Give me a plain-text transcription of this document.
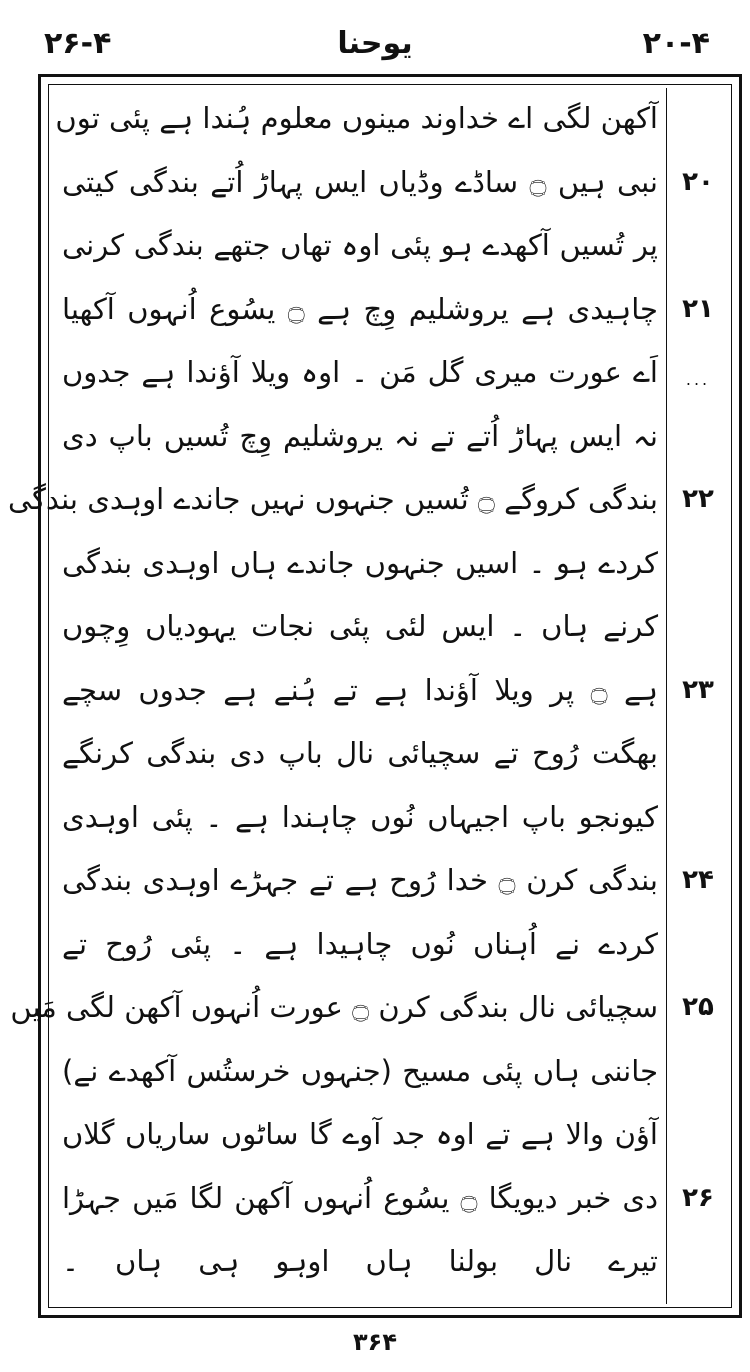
۲۶-۴	یوحنا	۲۰-۴
آکھن لگی اے خداوند مینوں معلوم ہُندا ہے پئی توں
نبی ہیں ۝ ساڈے وڈیاں ایس پہاڑ اُتے بندگی کیتی
پر تُسیں آکھدے ہو پئی اوہ تھاں جتھے بندگی کرنی
چاہیدی ہے یروشلیم وِچ ہے ۝ یسُوع اُنہوں آکھیا
اَے عورت میری گل مَن ۔ اوہ ویلا آؤندا ہے جدوں
نہ ایس پہاڑ اُتے تے نہ یروشلیم وِچ تُسیں باپ دی
بندگی کروگے ۝ تُسیں جنہوں نہیں جاندے اوہدی بندگی
کردے ہو ۔ اسیں جنہوں جاندے ہاں اوہدی بندگی
کرنے ہاں ۔ ایس لئی پئی نجات یہودیاں وِچوں
ہے ۝ پر ویلا آؤندا ہے تے ہُنے ہے جدوں سچے
بھگت رُوح تے سچیائی نال باپ دی بندگی کرنگے
کیونجو باپ اجیہاں نُوں چاہندا ہے ۔ پئی اوہدی
بندگی کرن ۝ خدا رُوح ہے تے جہڑے اوہدی بندگی
کردے نے اُہناں نُوں چاہیدا ہے ۔ پئی رُوح تے
سچیائی نال بندگی کرن ۝ عورت اُنہوں آکھن لگی مَیں
جاننی ہاں پئی مسیح (جنہوں خرستُس آکھدے نے)
آؤن والا ہے تے اوہ جد آوے گا ساٹوں ساریاں گلاں
دی خبر دیویگا ۝ یسُوع اُنہوں آکھن لگا مَیں جہڑا
تیرے نال بولنا ہاں اوہو ہی ہاں ۔
...
۲۰
۲۱
۲۲
۲۳
۲۴
۲۵
۲۶
۳۶۴
